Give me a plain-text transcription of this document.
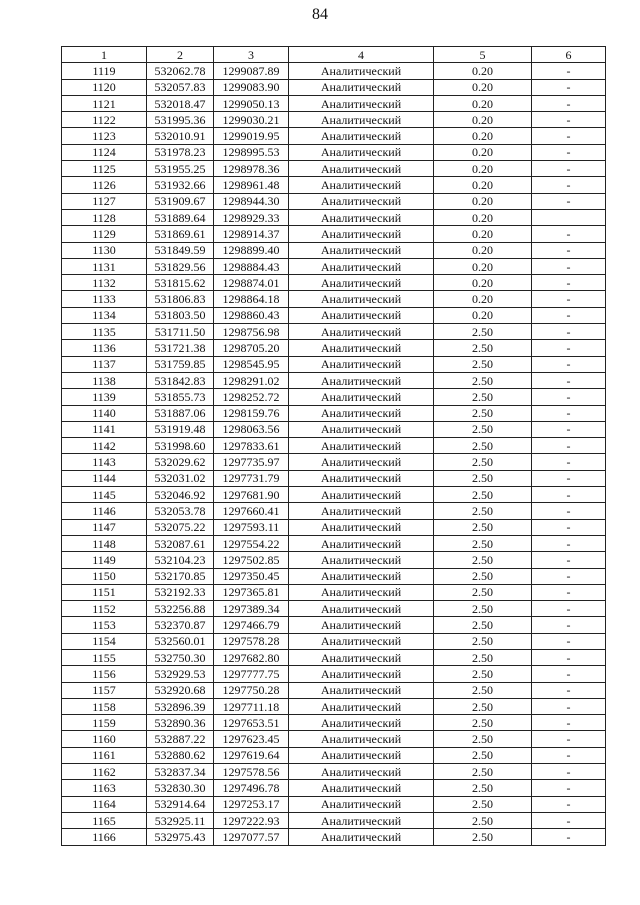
84
1	2	3	4	5	6
1119	532062.78	1299087.89	Аналитический	0.20	-
1120	532057.83	1299083.90	Аналитический	0.20	-
1121	532018.47	1299050.13	Аналитический	0.20	-
1122	531995.36	1299030.21	Аналитический	0.20	-
1123	532010.91	1299019.95	Аналитический	0.20	-
1124	531978.23	1298995.53	Аналитический	0.20	-
1125	531955.25	1298978.36	Аналитический	0.20	-
1126	531932.66	1298961.48	Аналитический	0.20	-
1127	531909.67	1298944.30	Аналитический	0.20	-
1128	531889.64	1298929.33	Аналитический	0.20	
1129	531869.61	1298914.37	Аналитический	0.20	-
1130	531849.59	1298899.40	Аналитический	0.20	-
1131	531829.56	1298884.43	Аналитический	0.20	-
1132	531815.62	1298874.01	Аналитический	0.20	-
1133	531806.83	1298864.18	Аналитический	0.20	-
1134	531803.50	1298860.43	Аналитический	0.20	-
1135	531711.50	1298756.98	Аналитический	2.50	-
1136	531721.38	1298705.20	Аналитический	2.50	-
1137	531759.85	1298545.95	Аналитический	2.50	-
1138	531842.83	1298291.02	Аналитический	2.50	-
1139	531855.73	1298252.72	Аналитический	2.50	-
1140	531887.06	1298159.76	Аналитический	2.50	-
1141	531919.48	1298063.56	Аналитический	2.50	-
1142	531998.60	1297833.61	Аналитический	2.50	-
1143	532029.62	1297735.97	Аналитический	2.50	-
1144	532031.02	1297731.79	Аналитический	2.50	-
1145	532046.92	1297681.90	Аналитический	2.50	-
1146	532053.78	1297660.41	Аналитический	2.50	-
1147	532075.22	1297593.11	Аналитический	2.50	-
1148	532087.61	1297554.22	Аналитический	2.50	-
1149	532104.23	1297502.85	Аналитический	2.50	-
1150	532170.85	1297350.45	Аналитический	2.50	-
1151	532192.33	1297365.81	Аналитический	2.50	-
1152	532256.88	1297389.34	Аналитический	2.50	-
1153	532370.87	1297466.79	Аналитический	2.50	-
1154	532560.01	1297578.28	Аналитический	2.50	-
1155	532750.30	1297682.80	Аналитический	2.50	-
1156	532929.53	1297777.75	Аналитический	2.50	-
1157	532920.68	1297750.28	Аналитический	2.50	-
1158	532896.39	1297711.18	Аналитический	2.50	-
1159	532890.36	1297653.51	Аналитический	2.50	-
1160	532887.22	1297623.45	Аналитический	2.50	-
1161	532880.62	1297619.64	Аналитический	2.50	-
1162	532837.34	1297578.56	Аналитический	2.50	-
1163	532830.30	1297496.78	Аналитический	2.50	-
1164	532914.64	1297253.17	Аналитический	2.50	-
1165	532925.11	1297222.93	Аналитический	2.50	-
1166	532975.43	1297077.57	Аналитический	2.50	-
